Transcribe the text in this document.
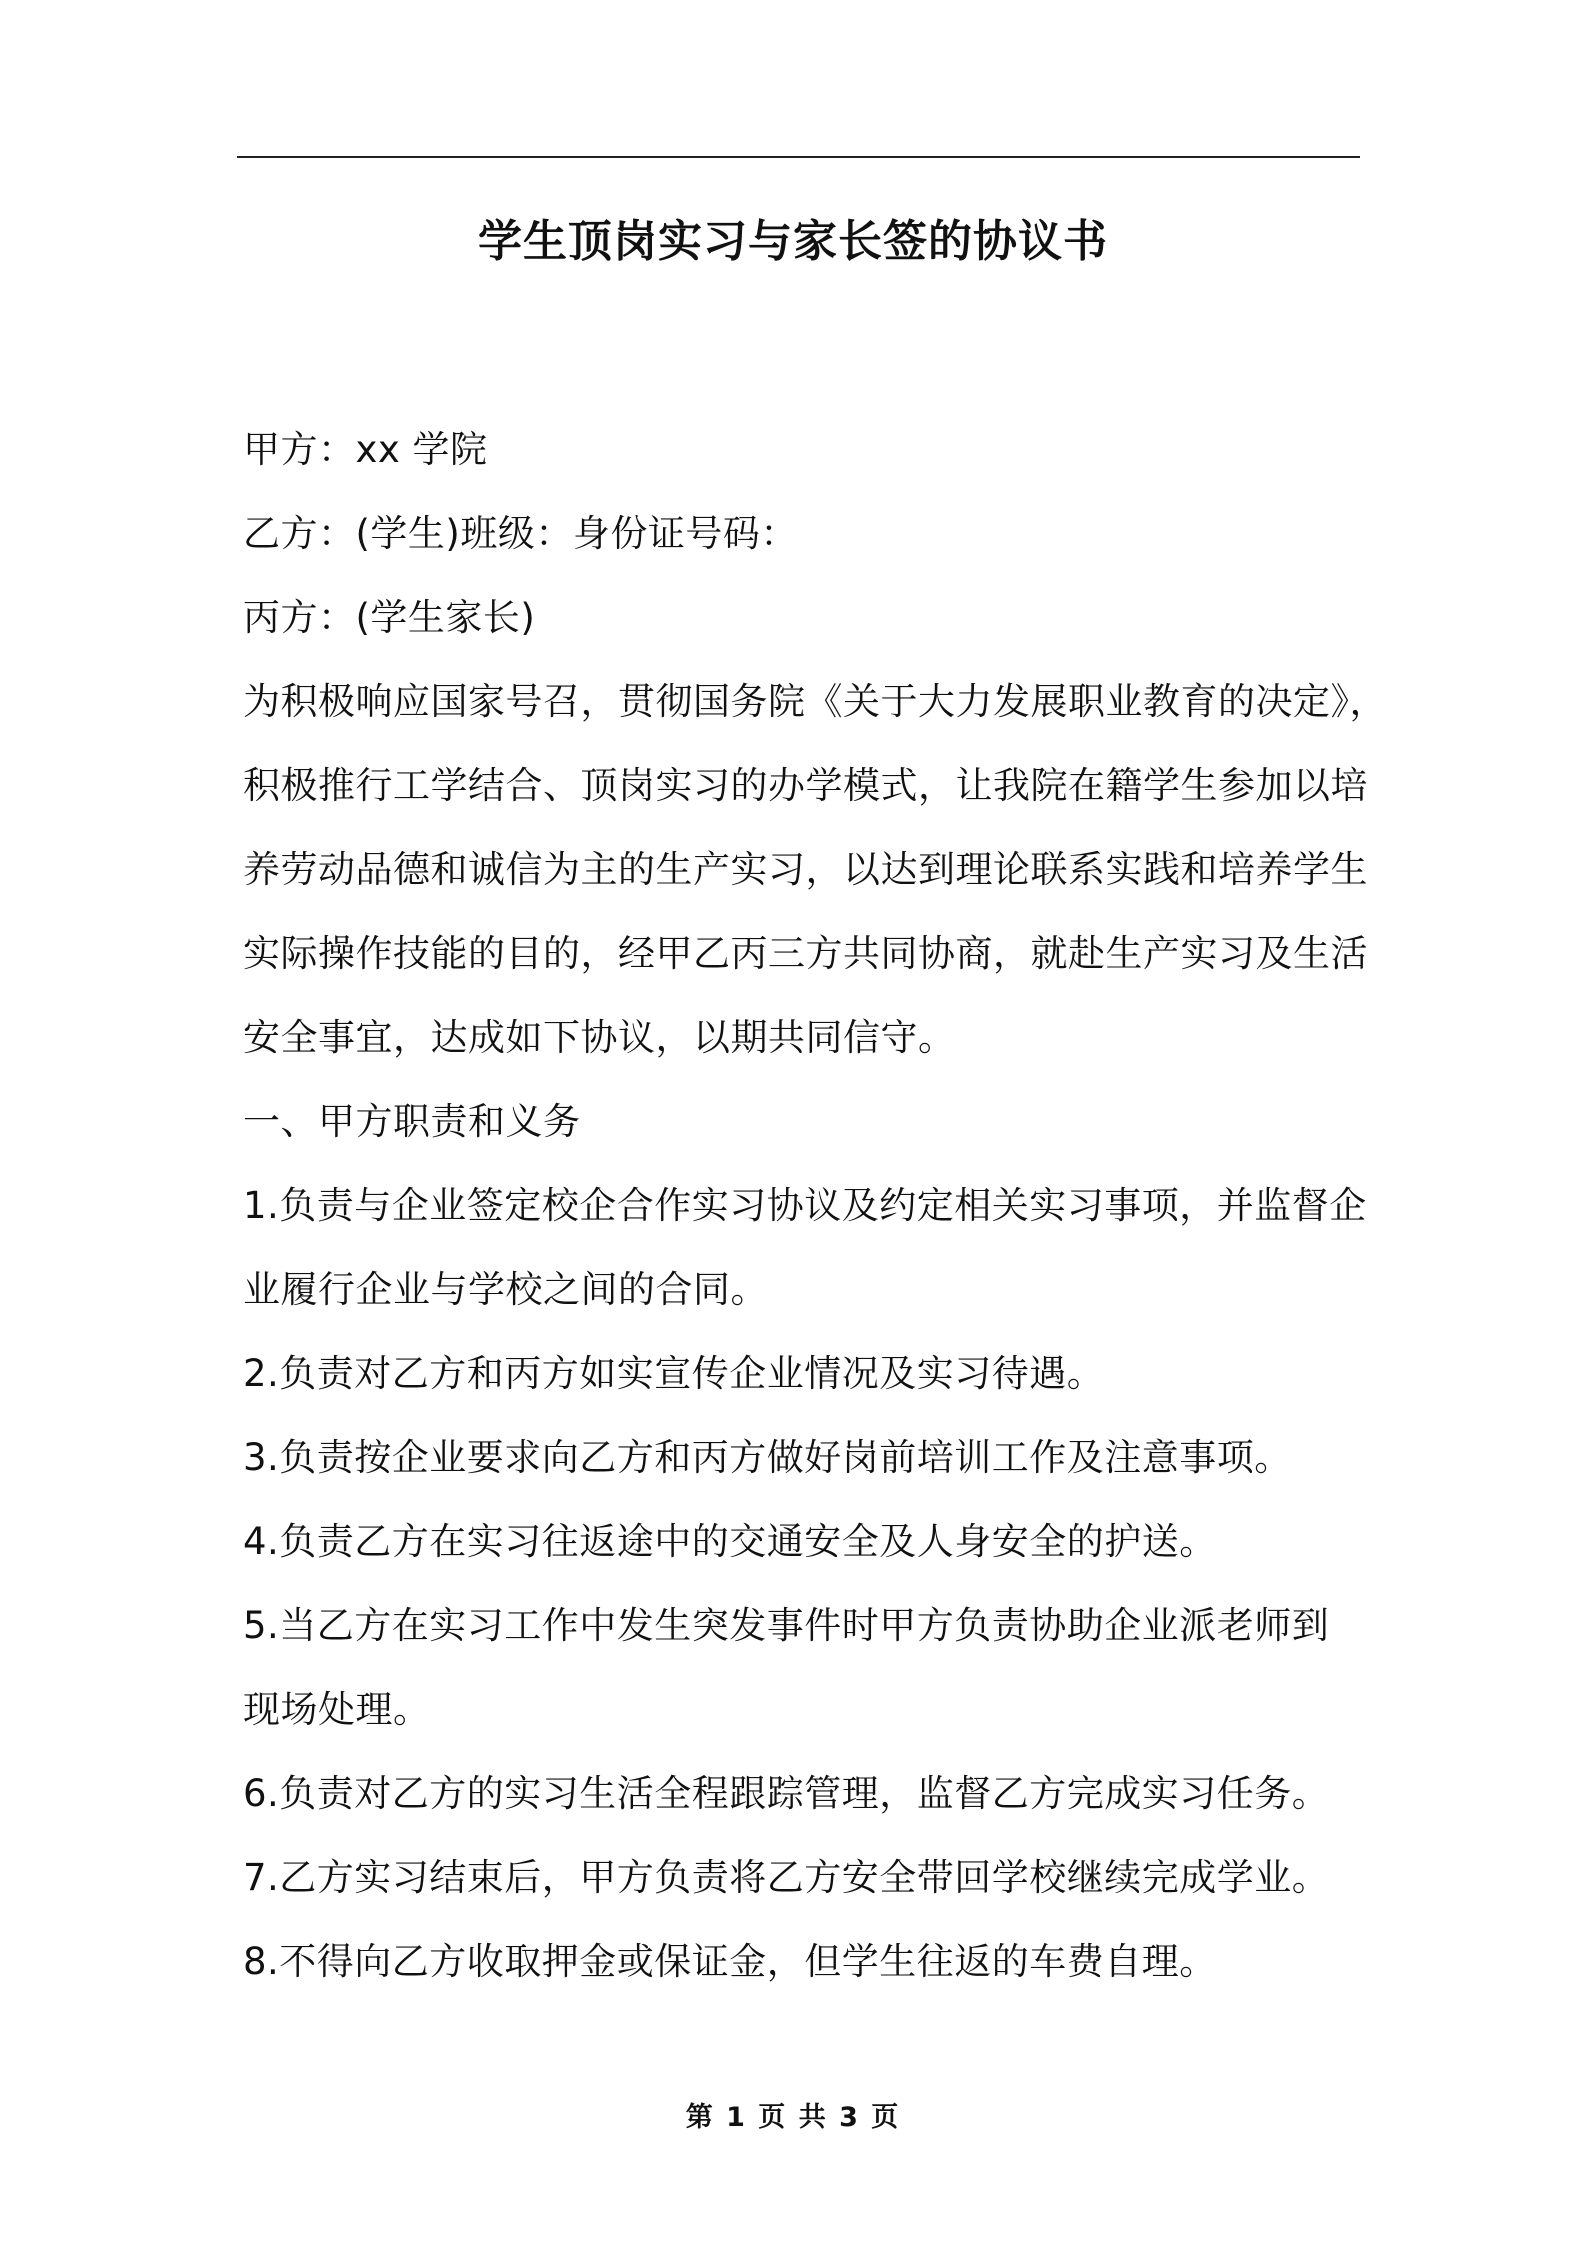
学生顶岗实习与家长签的协议书
甲方：xx 学院
乙方：(学生)班级：身份证号码：
丙方：(学生家长)
为积极响应国家号召，贯彻国务院《关于大力发展职业教育的决定》，
积极推行工学结合、顶岗实习的办学模式，让我院在籍学生参加以培
养劳动品德和诚信为主的生产实习，以达到理论联系实践和培养学生
实际操作技能的目的，经甲乙丙三方共同协商，就赴生产实习及生活
安全事宜，达成如下协议，以期共同信守。
一、甲方职责和义务
1.负责与企业签定校企合作实习协议及约定相关实习事项，并监督企
业履行企业与学校之间的合同。
2.负责对乙方和丙方如实宣传企业情况及实习待遇。
3.负责按企业要求向乙方和丙方做好岗前培训工作及注意事项。
4.负责乙方在实习往返途中的交通安全及人身安全的护送。
5.当乙方在实习工作中发生突发事件时甲方负责协助企业派老师到
现场处理。
6.负责对乙方的实习生活全程跟踪管理，监督乙方完成实习任务。
7.乙方实习结束后，甲方负责将乙方安全带回学校继续完成学业。
8.不得向乙方收取押金或保证金，但学生往返的车费自理。
第 1 页 共 3 页
